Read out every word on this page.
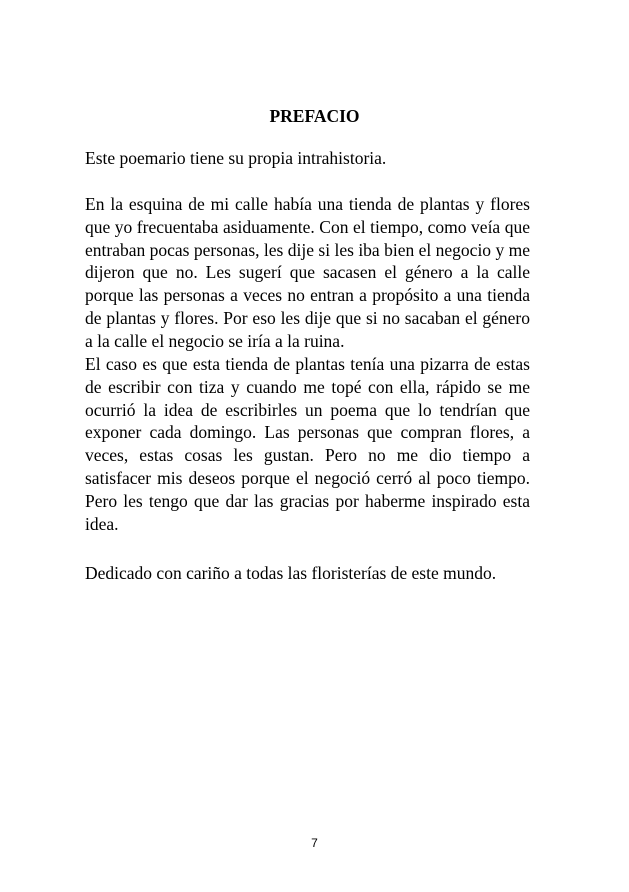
PREFACIO

Este poemario tiene su propia intrahistoria.

En la esquina de mi calle había una tienda de plantas y flores que yo frecuentaba asiduamente. Con el tiempo, como veía que entraban pocas personas, les dije si les iba bien el negocio y me dijeron que no. Les sugerí que sacasen el género a la calle porque las personas a veces no entran a propósito a una tienda de plantas y flores. Por eso les dije que si no sacaban el género a la calle el negocio se iría a la ruina.

El caso es que esta tienda de plantas tenía una pizarra de estas de escribir con tiza y cuando me topé con ella, rápido se me ocurrió la idea de escribirles un poema que lo tendrían que exponer cada domingo. Las personas que compran flores, a veces, estas cosas les gustan. Pero no me dio tiempo a satisfacer mis deseos porque el negoció cerró al poco tiempo. Pero les tengo que dar las gracias por haberme inspirado esta idea.

Dedicado con cariño a todas las floristerías de este mundo.

7
